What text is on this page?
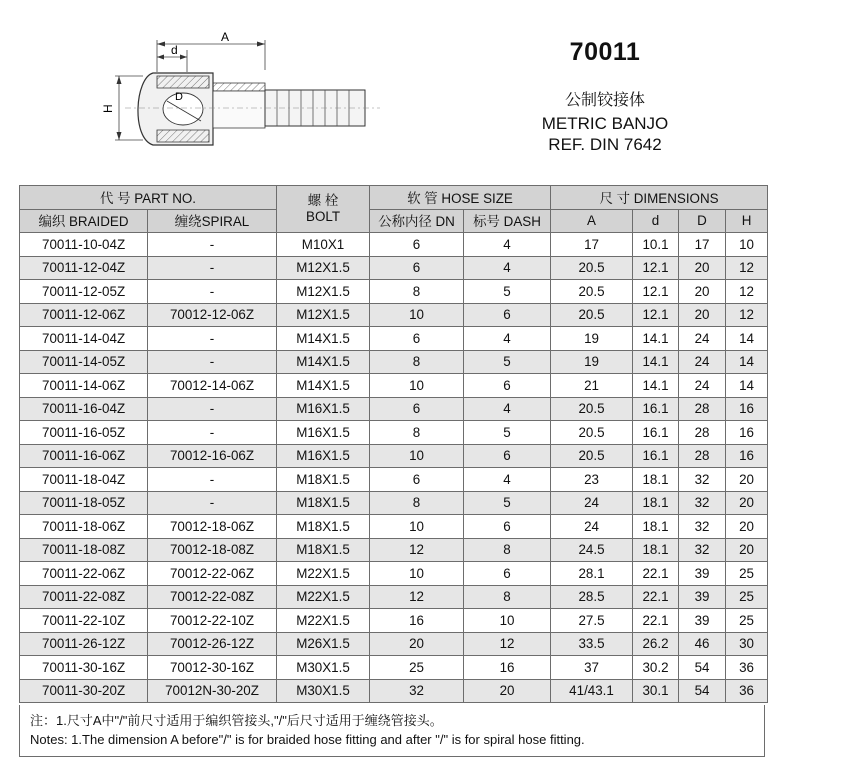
A
d
H
D
70011
公制铰接体
METRIC BANJO
REF. DIN 7642
代 号 PART NO.		螺 栓
BOLT	软 管 HOSE SIZE		尺 寸 DIMENSIONS			
编织 BRAIDED	缠绕SPIRAL		公称内径 DN	标号 DASH	A	d	D	H
70011-10-04Z	-	M10X1	6	4	17	10.1	17	10
70011-12-04Z	-	M12X1.5	6	4	20.5	12.1	20	12
70011-12-05Z	-	M12X1.5	8	5	20.5	12.1	20	12
70011-12-06Z	70012-12-06Z	M12X1.5	10	6	20.5	12.1	20	12
70011-14-04Z	-	M14X1.5	6	4	19	14.1	24	14
70011-14-05Z	-	M14X1.5	8	5	19	14.1	24	14
70011-14-06Z	70012-14-06Z	M14X1.5	10	6	21	14.1	24	14
70011-16-04Z	-	M16X1.5	6	4	20.5	16.1	28	16
70011-16-05Z	-	M16X1.5	8	5	20.5	16.1	28	16
70011-16-06Z	70012-16-06Z	M16X1.5	10	6	20.5	16.1	28	16
70011-18-04Z	-	M18X1.5	6	4	23	18.1	32	20
70011-18-05Z	-	M18X1.5	8	5	24	18.1	32	20
70011-18-06Z	70012-18-06Z	M18X1.5	10	6	24	18.1	32	20
70011-18-08Z	70012-18-08Z	M18X1.5	12	8	24.5	18.1	32	20
70011-22-06Z	70012-22-06Z	M22X1.5	10	6	28.1	22.1	39	25
70011-22-08Z	70012-22-08Z	M22X1.5	12	8	28.5	22.1	39	25
70011-22-10Z	70012-22-10Z	M22X1.5	16	10	27.5	22.1	39	25
70011-26-12Z	70012-26-12Z	M26X1.5	20	12	33.5	26.2	46	30
70011-30-16Z	70012-30-16Z	M30X1.5	25	16	37	30.2	54	36
70011-30-20Z	70012N-30-20Z	M30X1.5	32	20	41/43.1	30.1	54	36
注：1.尺寸A中"/"前尺寸适用于编织管接头,"/"后尺寸适用于缠绕管接头。
Notes: 1.The dimension A before"/" is for braided hose fitting and after "/" is for spiral hose fitting.
